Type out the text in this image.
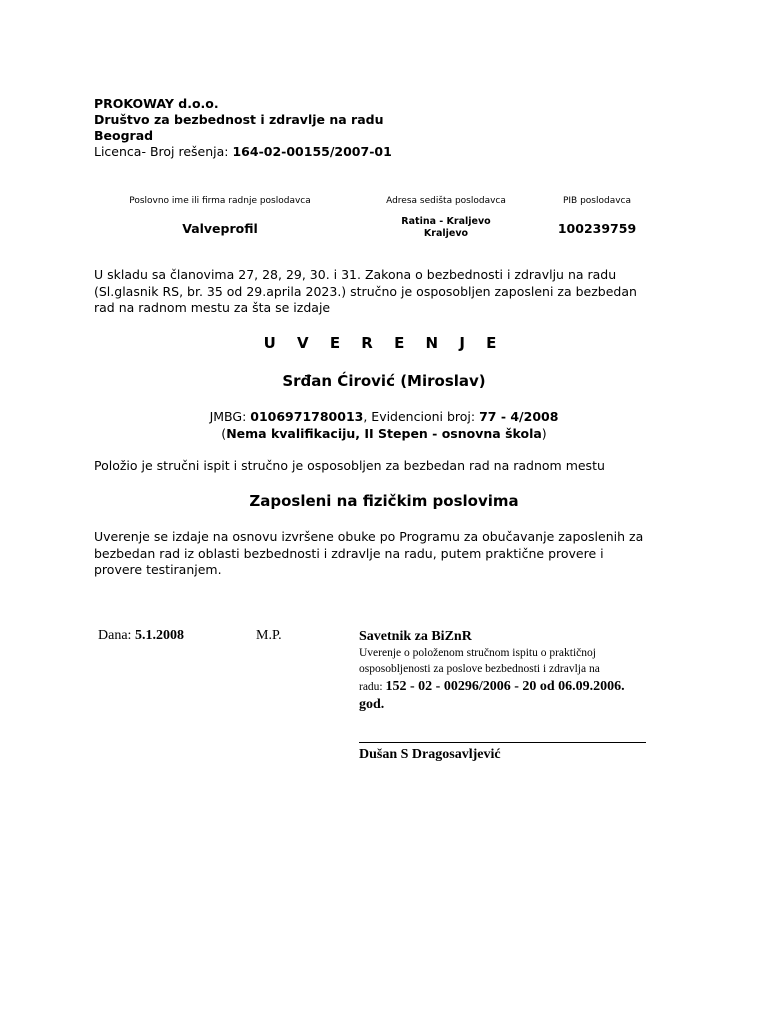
PROKOWAY d.o.o.
Društvo za bezbednost i zdravlje na radu
Beograd
Licenca- Broj rešenja: 164-02-00155/2007-01
Poslovno ime ili firma radnje poslodavca
Valveprofil
Adresa sedišta poslodavca
Ratina - Kraljevo
Kraljevo
PIB poslodavca
100239759
U skladu sa članovima 27, 28, 29, 30. i 31. Zakona o bezbednosti i zdravlju na radu
(Sl.glasnik RS, br. 35 od 29.aprila 2023.) stručno je osposobljen zaposleni za bezbedan
rad na radnom mestu za šta se izdaje
U V E R E N J E
Srđan Ćirović (Miroslav)
JMBG: 0106971780013, Evidencioni broj: 77 - 4/2008
(Nema kvalifikaciju, II Stepen - osnovna škola)
Položio je stručni ispit i stručno je osposobljen za bezbedan rad na radnom mestu
Zaposleni na fizičkim poslovima
Uverenje se izdaje na osnovu izvršene obuke po Programu za obučavanje zaposlenih za
bezbedan rad iz oblasti bezbednosti i zdravlje na radu, putem praktične provere i
provere testiranjem.
Dana: 5.1.2008	M.P.	Savetnik za BiZnR
Uverenje o položenom stručnom ispitu o praktičnoj
osposobljenosti za poslove bezbednosti i zdravlja na
radu: 152 - 02 - 00296/2006 - 20 od 06.09.2006.
god.
Dušan S Dragosavljević
